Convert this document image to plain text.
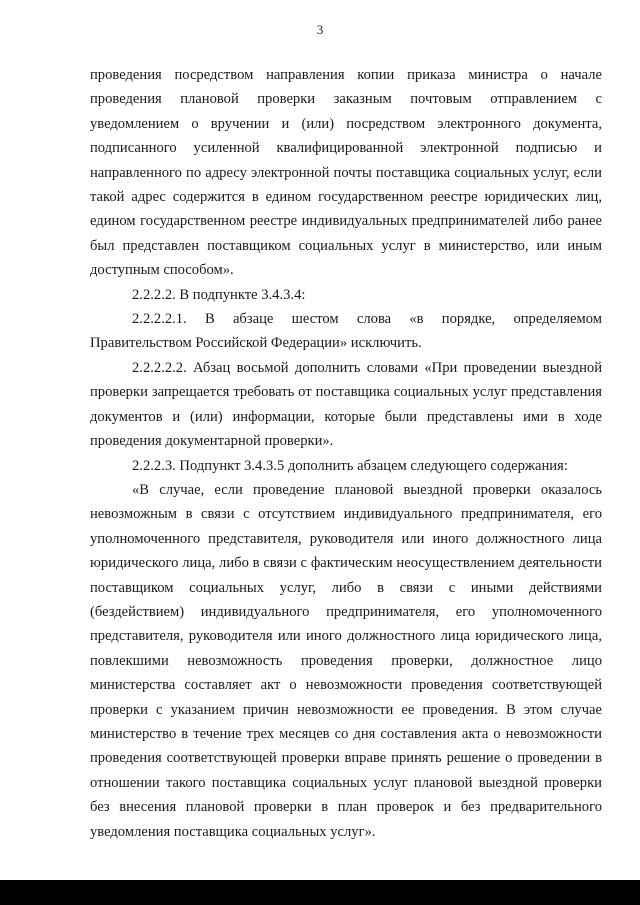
3

проведения посредством направления копии приказа министра о начале проведения плановой проверки заказным почтовым отправлением с уведомлением о вручении и (или) посредством электронного документа, подписанного усиленной квалифицированной электронной подписью и направленного по адресу электронной почты поставщика социальных услуг, если такой адрес содержится в едином государственном реестре юридических лиц, едином государственном реестре индивидуальных предпринимателей либо ранее был представлен поставщиком социальных услуг в министерство, или иным доступным способом».

2.2.2.2. В подпункте 3.4.3.4:

2.2.2.2.1. В абзаце шестом слова «в порядке, определяемом Правительством Российской Федерации» исключить.

2.2.2.2.2. Абзац восьмой дополнить словами «При проведении выездной проверки запрещается требовать от поставщика социальных услуг представления документов и (или) информации, которые были представлены ими в ходе проведения документарной проверки».

2.2.2.3. Подпункт 3.4.3.5 дополнить абзацем следующего содержания:

«В случае, если проведение плановой выездной проверки оказалось невозможным в связи с отсутствием индивидуального предпринимателя, его уполномоченного представителя, руководителя или иного должностного лица юридического лица, либо в связи с фактическим неосуществлением деятельности поставщиком социальных услуг, либо в связи с иными действиями (бездействием) индивидуального предпринимателя, его уполномоченного представителя, руководителя или иного должностного лица юридического лица, повлекшими невозможность проведения проверки, должностное лицо министерства составляет акт о невозможности проведения соответствующей проверки с указанием причин невозможности ее проведения. В этом случае министерство в течение трех месяцев со дня составления акта о невозможности проведения соответствующей проверки вправе принять решение о проведении в отношении такого поставщика социальных услуг плановой выездной проверки без внесения плановой проверки в план проверок и без предварительного уведомления поставщика социальных услуг».
